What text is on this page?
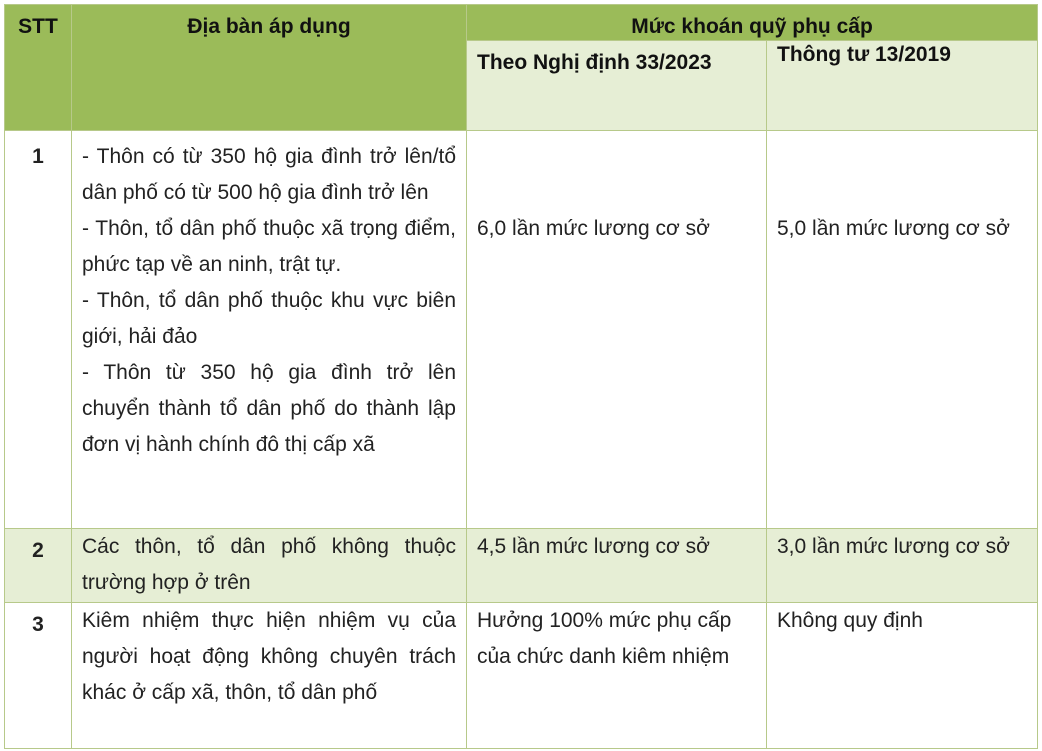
STT	Địa bàn áp dụng	Mức khoán quỹ phụ cấp	
		Theo Nghị định 33/2023	Thông tư 13/2019
1	- Thôn có từ 350 hộ gia đình trở lên/tổ dân phố có từ 500 hộ gia đình trở lên
- Thôn, tổ dân phố thuộc xã trọng điểm, phức tạp về an ninh, trật tự.
- Thôn, tổ dân phố thuộc khu vực biên giới, hải đảo
- Thôn từ 350 hộ gia đình trở lên chuyển thành tổ dân phố do thành lập đơn vị hành chính đô thị cấp xã	6,0 lần mức lương cơ sở	5,0 lần mức lương cơ sở
2	Các thôn, tổ dân phố không thuộc trường hợp ở trên	4,5 lần mức lương cơ sở	3,0 lần mức lương cơ sở
3	Kiêm nhiệm thực hiện nhiệm vụ của người hoạt động không chuyên trách khác ở cấp xã, thôn, tổ dân phố	Hưởng 100% mức phụ cấp của chức danh kiêm nhiệm	Không quy định
